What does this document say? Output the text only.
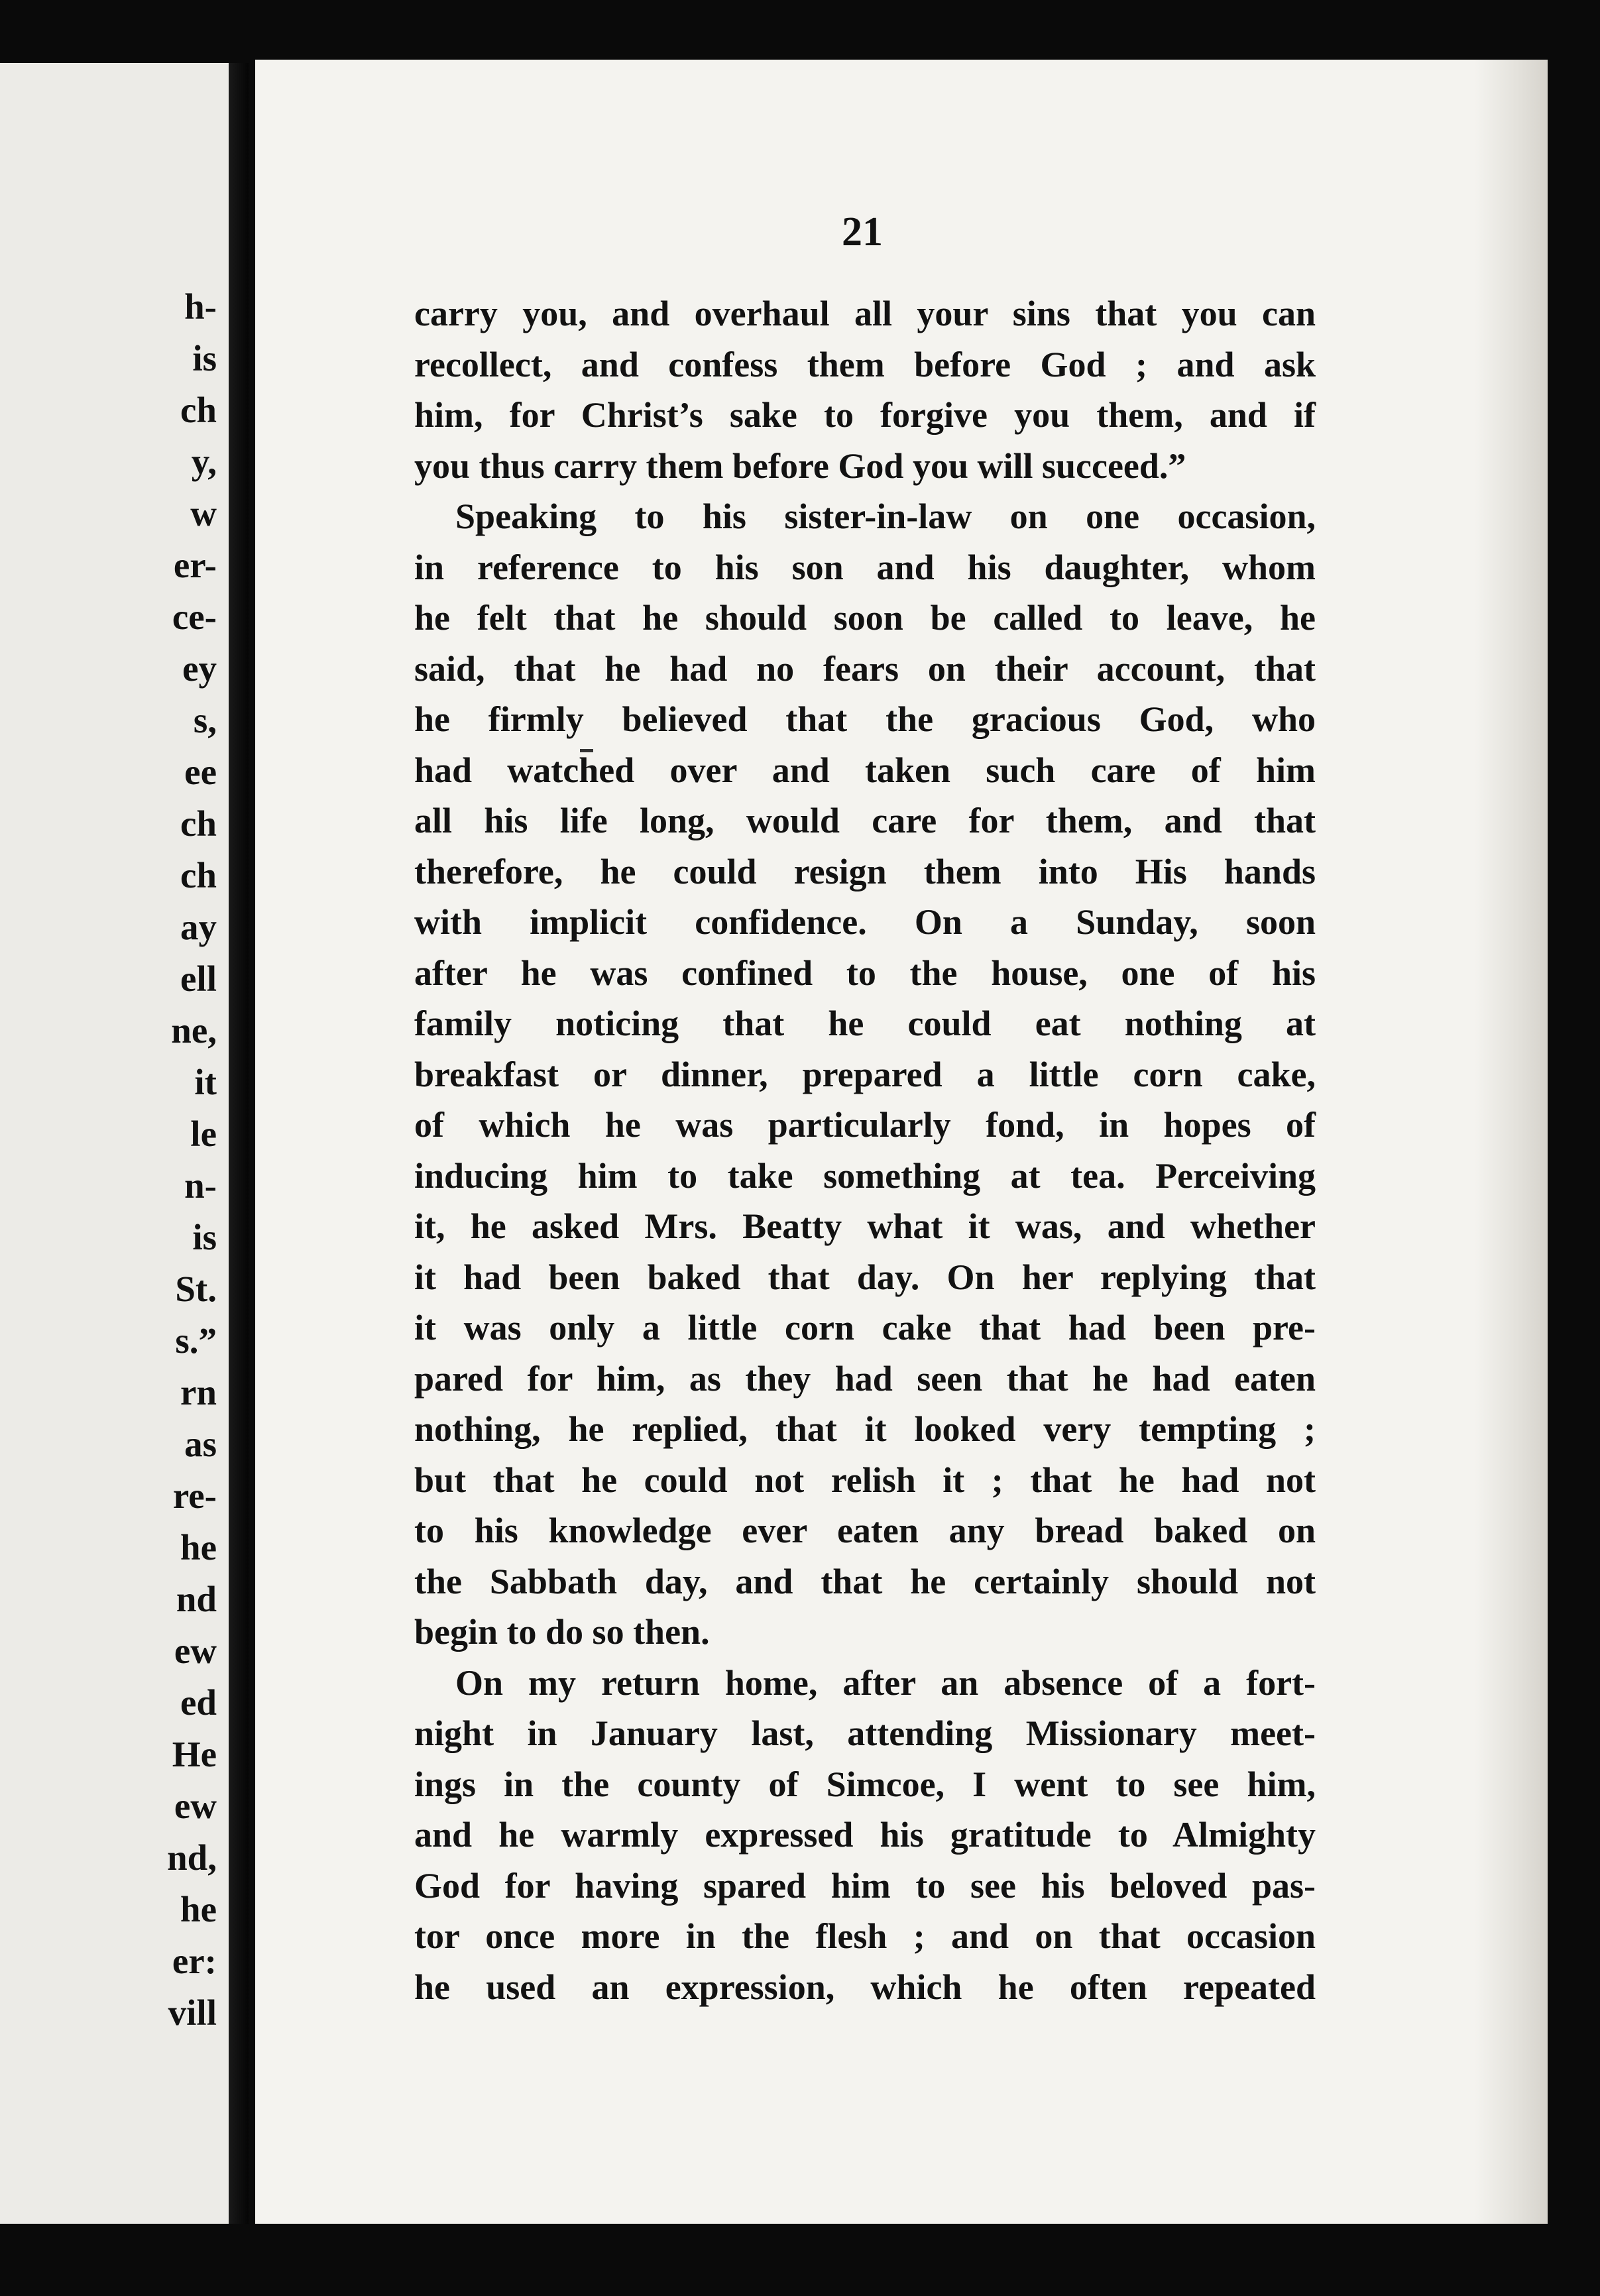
h-
is
ch
y,
w
er-
ce-
ey
s,
ee
ch
ch
ay
ell
ne,
it
le
n-
is
St.
s.”
rn
as
re-
he
nd
ew
ed
He
ew
nd,
he
er:
vill
21
carry you, and overhaul all your sins that you can
recollect, and confess them before God ; and ask
him, for Christ’s sake to forgive you them, and if
you thus carry them before God you will succeed.”
Speaking to his sister-in-law on one occasion,
in reference to his son and his daughter, whom
he felt that he should soon be called to leave, he
said, that he had no fears on their account, that
he firmly believed that the gracious God, who
had watched over and taken such care of him
all his life long, would care for them, and that
therefore, he could resign them into His hands
with implicit confidence. On a Sunday, soon
after he was confined to the house, one of his
family noticing that he could eat nothing at
breakfast or dinner, prepared a little corn cake,
of which he was particularly fond, in hopes of
inducing him to take something at tea. Perceiving
it, he asked Mrs. Beatty what it was, and whether
it had been baked that day. On her replying that
it was only a little corn cake that had been pre-
pared for him, as they had seen that he had eaten
nothing, he replied, that it looked very tempting ;
but that he could not relish it ; that he had not
to his knowledge ever eaten any bread baked on
the Sabbath day, and that he certainly should not
begin to do so then.
On my return home, after an absence of a fort-
night in January last, attending Missionary meet-
ings in the county of Simcoe, I went to see him,
and he warmly expressed his gratitude to Almighty
God for having spared him to see his beloved pas-
tor once more in the flesh ; and on that occasion
he used an expression, which he often repeated
